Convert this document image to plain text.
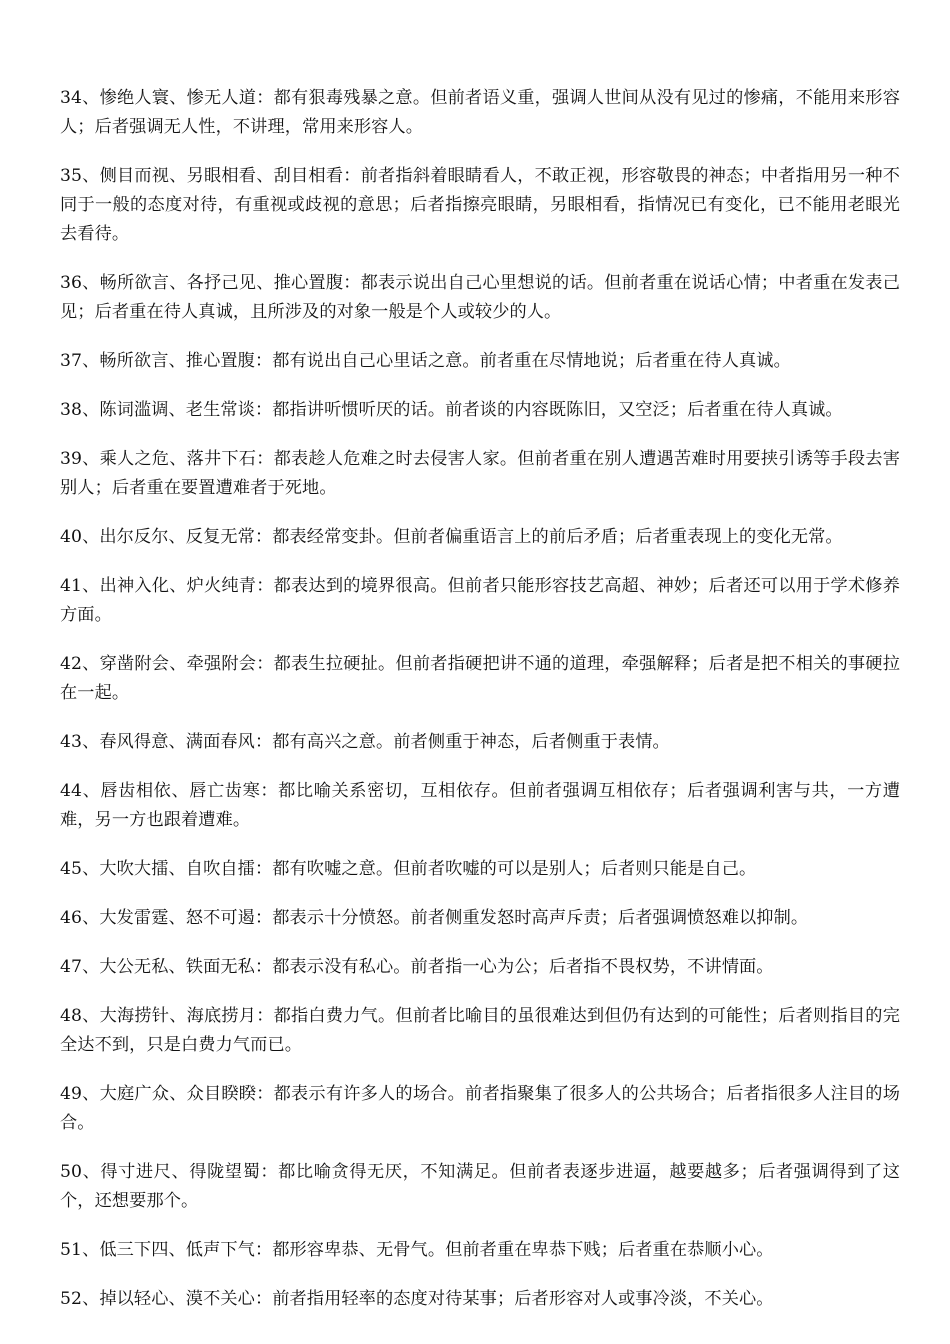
34、惨绝人寰、惨无人道：都有狠毒残暴之意。但前者语义重，强调人世间从没有见过的惨痛，不能用来形容人；后者强调无人性，不讲理，常用来形容人。

35、侧目而视、另眼相看、刮目相看：前者指斜着眼睛看人，不敢正视，形容敬畏的神态；中者指用另一种不同于一般的态度对待，有重视或歧视的意思；后者指擦亮眼睛，另眼相看，指情况已有变化，已不能用老眼光去看待。

36、畅所欲言、各抒己见、推心置腹：都表示说出自己心里想说的话。但前者重在说话心情；中者重在发表己见；后者重在待人真诚，且所涉及的对象一般是个人或较少的人。

37、畅所欲言、推心置腹：都有说出自己心里话之意。前者重在尽情地说；后者重在待人真诚。

38、陈词滥调、老生常谈：都指讲听惯听厌的话。前者谈的内容既陈旧，又空泛；后者重在待人真诚。

39、乘人之危、落井下石：都表趁人危难之时去侵害人家。但前者重在别人遭遇苦难时用要挟引诱等手段去害别人；后者重在要置遭难者于死地。

40、出尔反尔、反复无常：都表经常变卦。但前者偏重语言上的前后矛盾；后者重表现上的变化无常。

41、出神入化、炉火纯青：都表达到的境界很高。但前者只能形容技艺高超、神妙；后者还可以用于学术修养方面。

42、穿凿附会、牵强附会：都表生拉硬扯。但前者指硬把讲不通的道理，牵强解释；后者是把不相关的事硬拉在一起。

43、春风得意、满面春风：都有高兴之意。前者侧重于神态，后者侧重于表情。

44、唇齿相依、唇亡齿寒：都比喻关系密切，互相依存。但前者强调互相依存；后者强调利害与共，一方遭难，另一方也跟着遭难。

45、大吹大擂、自吹自擂：都有吹嘘之意。但前者吹嘘的可以是别人；后者则只能是自己。

46、大发雷霆、怒不可遏：都表示十分愤怒。前者侧重发怒时高声斥责；后者强调愤怒难以抑制。

47、大公无私、铁面无私：都表示没有私心。前者指一心为公；后者指不畏权势，不讲情面。

48、大海捞针、海底捞月：都指白费力气。但前者比喻目的虽很难达到但仍有达到的可能性；后者则指目的完全达不到，只是白费力气而已。

49、大庭广众、众目睽睽：都表示有许多人的场合。前者指聚集了很多人的公共场合；后者指很多人注目的场合。

50、得寸进尺、得陇望蜀：都比喻贪得无厌，不知满足。但前者表逐步进逼，越要越多；后者强调得到了这个，还想要那个。

51、低三下四、低声下气：都形容卑恭、无骨气。但前者重在卑恭下贱；后者重在恭顺小心。

52、掉以轻心、漠不关心：前者指用轻率的态度对待某事；后者形容对人或事冷淡，不关心。
